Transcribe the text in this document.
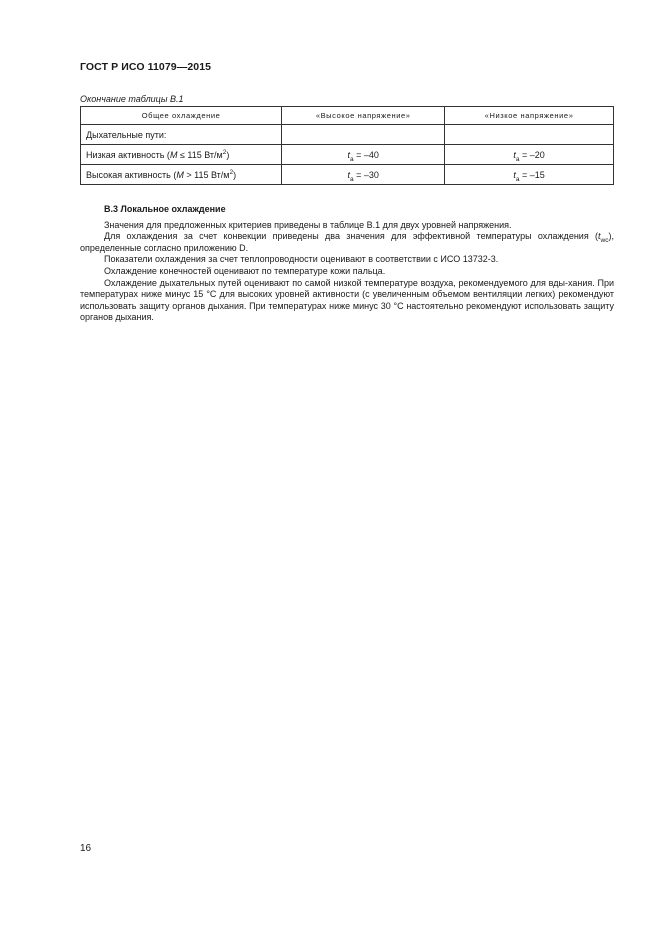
ГОСТ Р ИСО 11079—2015
Окончание таблицы В.1
Общее охлаждение	«Высокое напряжение»	«Низкое напряжение»
Дыхательные пути:		
Низкая активность (M ≤ 115 $Вт/м^2$)	$t_a = -40$	$t_a = -20$
Высокая активность (M > 115 $Вт/м^2$)	$t_a = -30$	$t_a = -15$
В.3 Локальное охлаждение

Значения для предложенных критериев приведены в таблице В.1 для двух уровней напряжения.

Для охлаждения за счет конвекции приведены два значения для эффективной температуры охлаждения $(t_{wc})$, определенные согласно приложению D.

Показатели охлаждения за счет теплопроводности оценивают в соответствии с ИСО 13732-3.

Охлаждение конечностей оценивают по температуре кожи пальца.

Охлаждение дыхательных путей оценивают по самой низкой температуре воздуха, рекомендуемого для вды-хания. При температурах ниже минус 15 °С для высоких уровней активности (с увеличенным объемом вентиляции легких) рекомендуют использовать защиту органов дыхания. При температурах ниже минус 30 °С настоятельно рекомендуют использовать защиту органов дыхания.

16
